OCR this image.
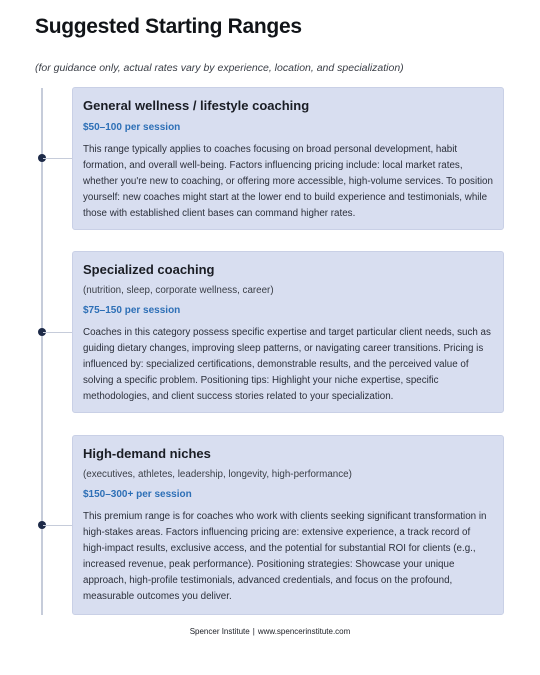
Suggested Starting Ranges

(for guidance only, actual rates vary by experience, location, and specialization)

General wellness / lifestyle coaching

$50–100 per session

This range typically applies to coaches focusing on broad personal development, habit formation, and overall well-being. Factors influencing pricing include: local market rates, whether you're new to coaching, or offering more accessible, high-volume services. To position yourself: new coaches might start at the lower end to build experience and testimonials, while those with established client bases can command higher rates.

Specialized coaching

(nutrition, sleep, corporate wellness, career)

$75–150 per session

Coaches in this category possess specific expertise and target particular client needs, such as guiding dietary changes, improving sleep patterns, or navigating career transitions. Pricing is influenced by: specialized certifications, demonstrable results, and the perceived value of solving a specific problem. Positioning tips: Highlight your niche expertise, specific methodologies, and client success stories related to your specialization.

High-demand niches

(executives, athletes, leadership, longevity, high-performance)

$150–300+ per session

This premium range is for coaches who work with clients seeking significant transformation in high-stakes areas. Factors influencing pricing are: extensive experience, a track record of high-impact results, exclusive access, and the potential for substantial ROI for clients (e.g., increased revenue, peak performance). Positioning strategies: Showcase your unique approach, high-profile testimonials, advanced credentials, and focus on the profound, measurable outcomes you deliver.

Spencer Institute | www.spencerinstitute.com
